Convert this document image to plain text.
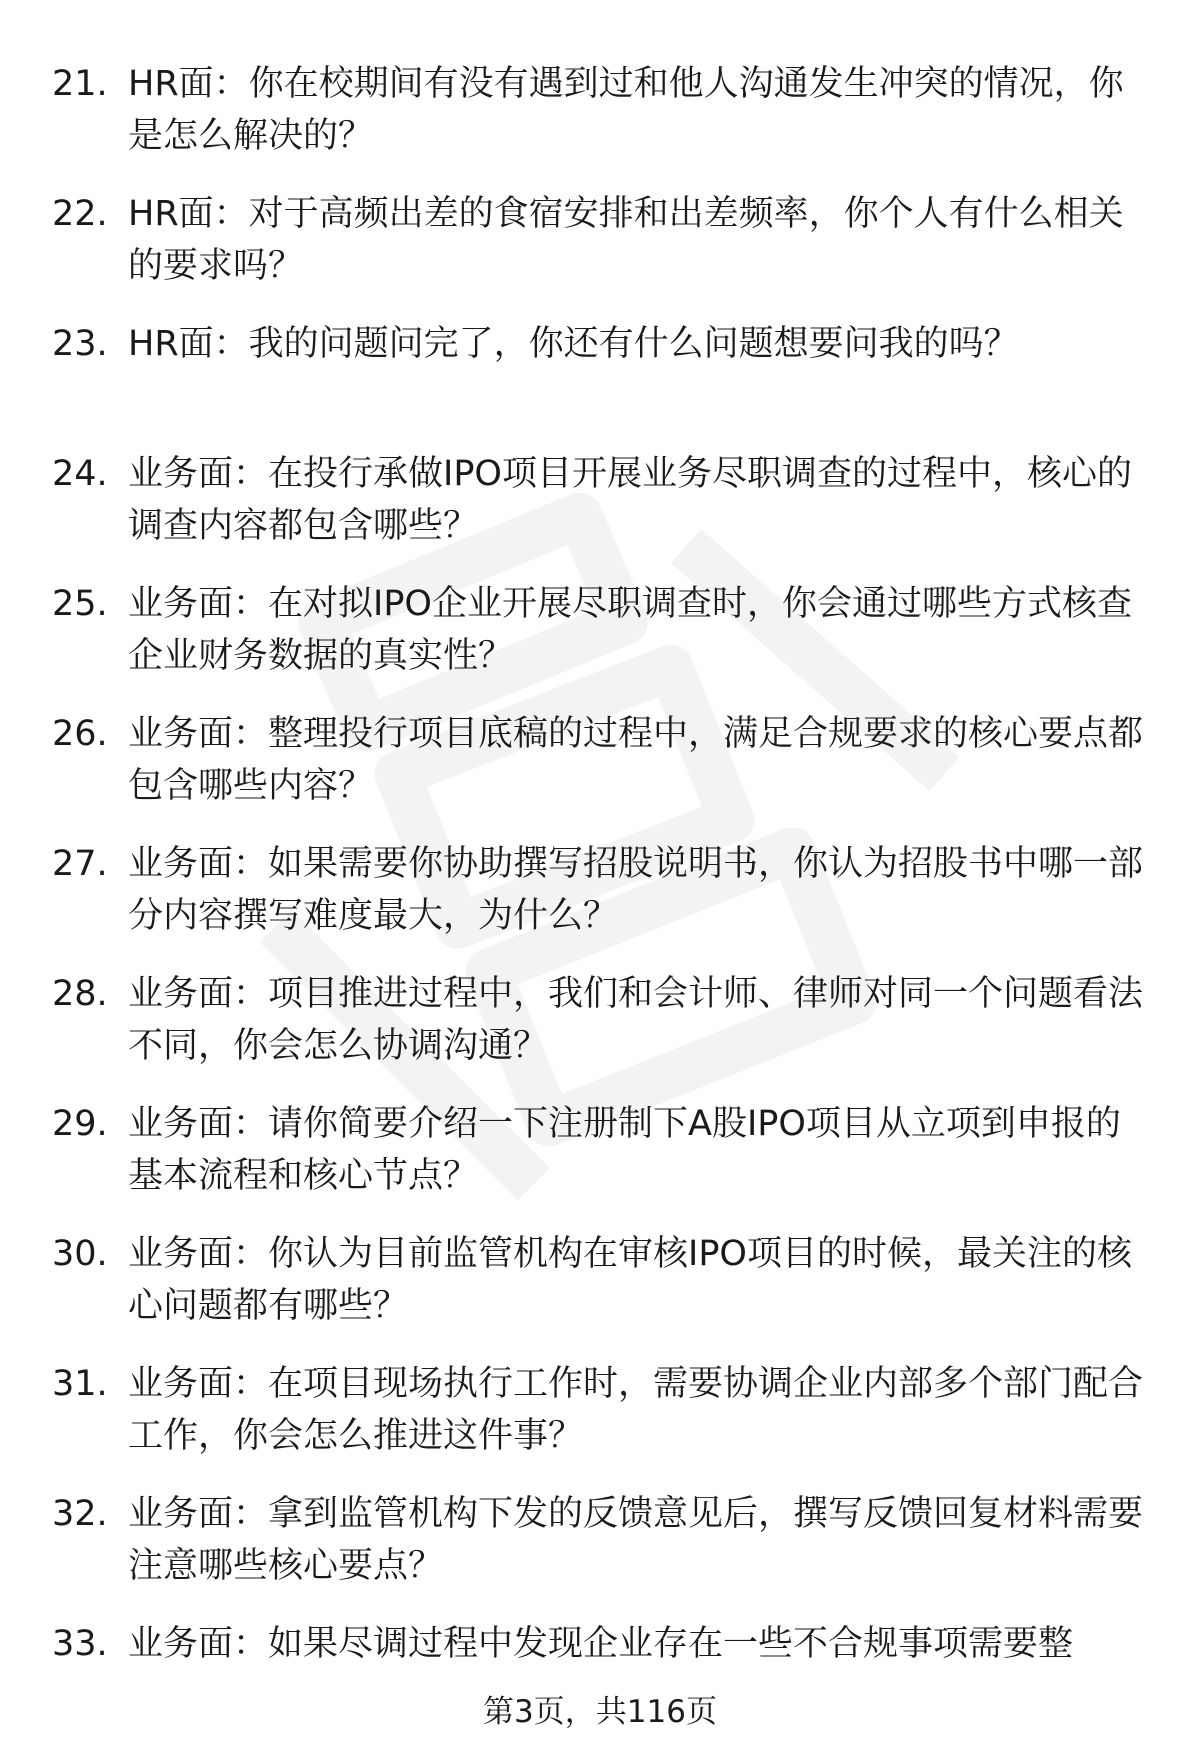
21. HR面：你在校期间有没有遇到过和他人沟通发生冲突的情况，你是怎么解决的？
22. HR面：对于高频出差的食宿安排和出差频率，你个人有什么相关的要求吗？
23. HR面：我的问题问完了，你还有什么问题想要问我的吗？
24. 业务面：在投行承做IPO项目开展业务尽职调查的过程中，核心的调查内容都包含哪些？
25. 业务面：在对拟IPO企业开展尽职调查时，你会通过哪些方式核查企业财务数据的真实性？
26. 业务面：整理投行项目底稿的过程中，满足合规要求的核心要点都包含哪些内容？
27. 业务面：如果需要你协助撰写招股说明书，你认为招股书中哪一部分内容撰写难度最大，为什么？
28. 业务面：项目推进过程中，我们和会计师、律师对同一个问题看法不同，你会怎么协调沟通？
29. 业务面：请你简要介绍一下注册制下A股IPO项目从立项到申报的基本流程和核心节点？
30. 业务面：你认为目前监管机构在审核IPO项目的时候，最关注的核心问题都有哪些？
31. 业务面：在项目现场执行工作时，需要协调企业内部多个部门配合工作，你会怎么推进这件事？
32. 业务面：拿到监管机构下发的反馈意见后，撰写反馈回复材料需要注意哪些核心要点？
33. 业务面：如果尽调过程中发现企业存在一些不合规事项需要整
第3页，共116页
